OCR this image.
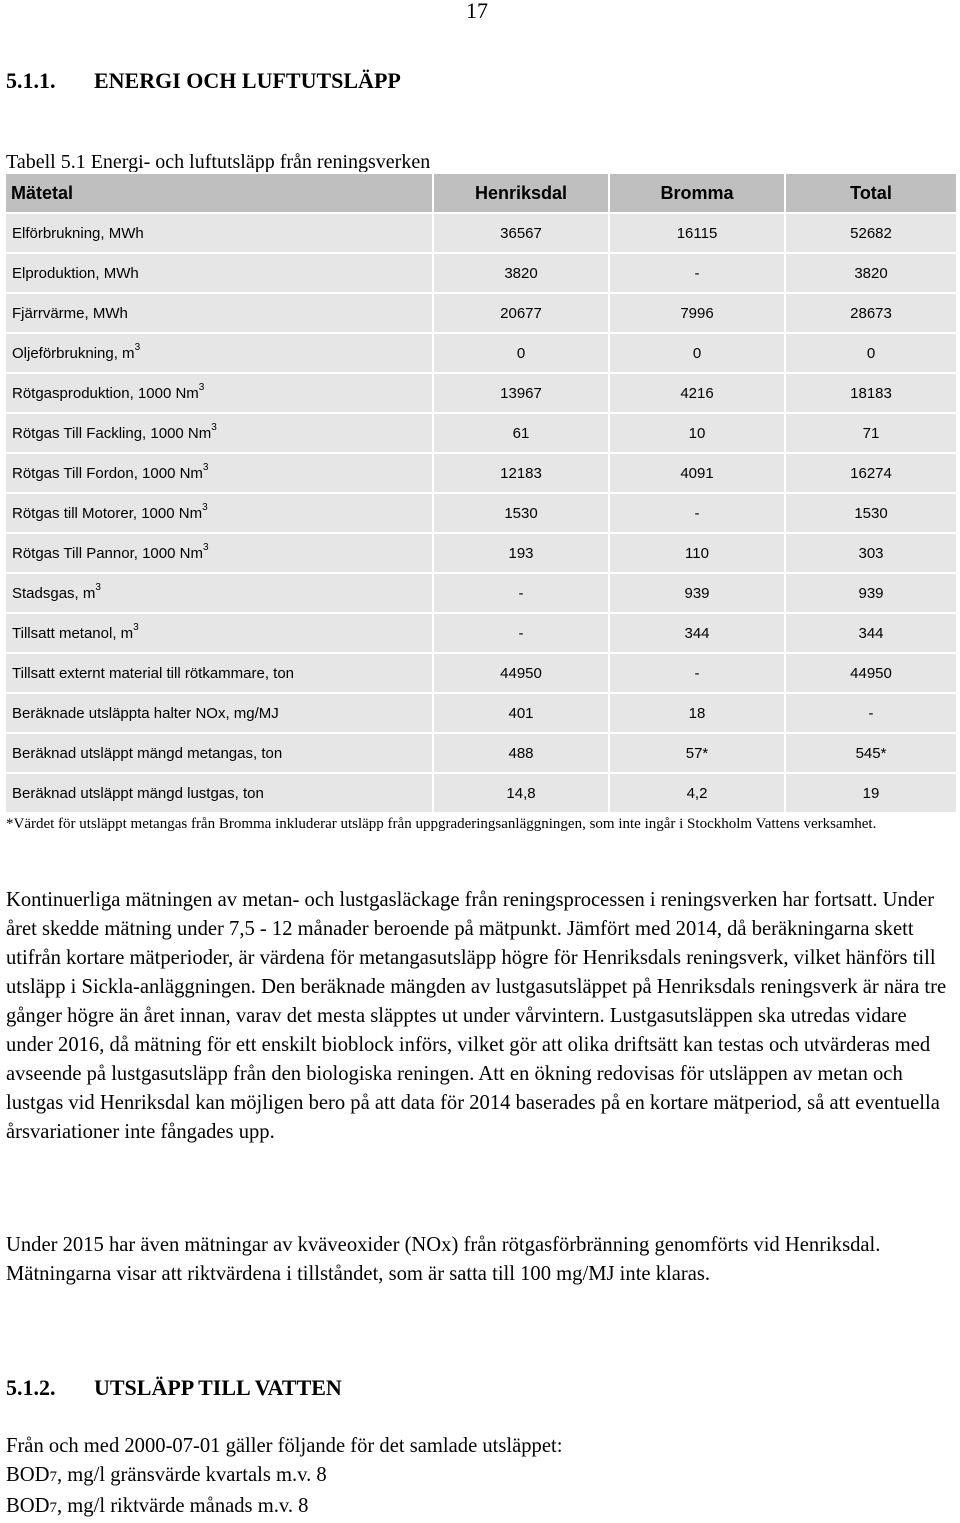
17
5.1.1. ENERGI OCH LUFTUTSLÄPP
Tabell 5.1 Energi- och luftutsläpp från reningsverken
Mätetal	Henriksdal	Bromma	Total
Elförbrukning, MWh	36567	16115	52682
Elproduktion, MWh	3820	-	3820
Fjärrvärme, MWh	20677	7996	28673
Oljeförbrukning, $m^3$	0	0	0
Rötgasproduktion, 1000 Nm$^3$	13967	4216	18183
Rötgas Till Fackling, 1000 Nm$^3$	61	10	71
Rötgas Till Fordon, 1000 Nm$^3$	12183	4091	16274
Rötgas till Motorer, 1000 Nm$^3$	1530	-	1530
Rötgas Till Pannor, 1000 Nm$^3$	193	110	303
Stadsgas, $m^3$	-	939	939
Tillsatt metanol, $m^3$	-	344	344
Tillsatt externt material till rötkammare, ton	44950	-	44950
Beräknade utsläppta halter NOx, mg/MJ	401	18	-
Beräknad utsläppt mängd metangas, ton	488	57*	545*
Beräknad utsläppt mängd lustgas, ton	14,8	4,2	19
*Värdet för utsläppt metangas från Bromma inkluderar utsläpp från uppgraderingsanläggningen, som inte ingår i Stockholm Vattens verksamhet.
Kontinuerliga mätningen av metan- och lustgasläckage från reningsprocessen i reningsverken har fortsatt. Under året skedde mätning under 7,5 - 12 månader beroende på mätpunkt. Jämfört med 2014, då beräkningarna skett utifrån kortare mätperioder, är värdena för metangasutsläpp högre för Henriksdals reningsverk, vilket hänförs till utsläpp i Sickla-anläggningen. Den beräknade mängden av lustgasutsläppet på Henriksdals reningsverk är nära tre gånger högre än året innan, varav det mesta släpptes ut under vårvintern. Lustgasutsläppen ska utredas vidare under 2016, då mätning för ett enskilt bioblock införs, vilket gör att olika driftsätt kan testas och utvärderas med avseende på lustgasutsläpp från den biologiska reningen. Att en ökning redovisas för utsläppen av metan och lustgas vid Henriksdal kan möjligen bero på att data för 2014 baserades på en kortare mätperiod, så att eventuella årsvariationer inte fångades upp.
Under 2015 har även mätningar av kväveoxider (NOx) från rötgasförbränning genomförts vid Henriksdal. Mätningarna visar att riktvärdena i tillståndet, som är satta till 100 mg/MJ inte klaras.
5.1.2. UTSLÄPP TILL VATTEN
Från och med 2000-07-01 gäller följande för det samlade utsläppet:
BOD7, mg/l gränsvärde kvartals m.v. 8
BOD7, mg/l riktvärde månads m.v. 8
